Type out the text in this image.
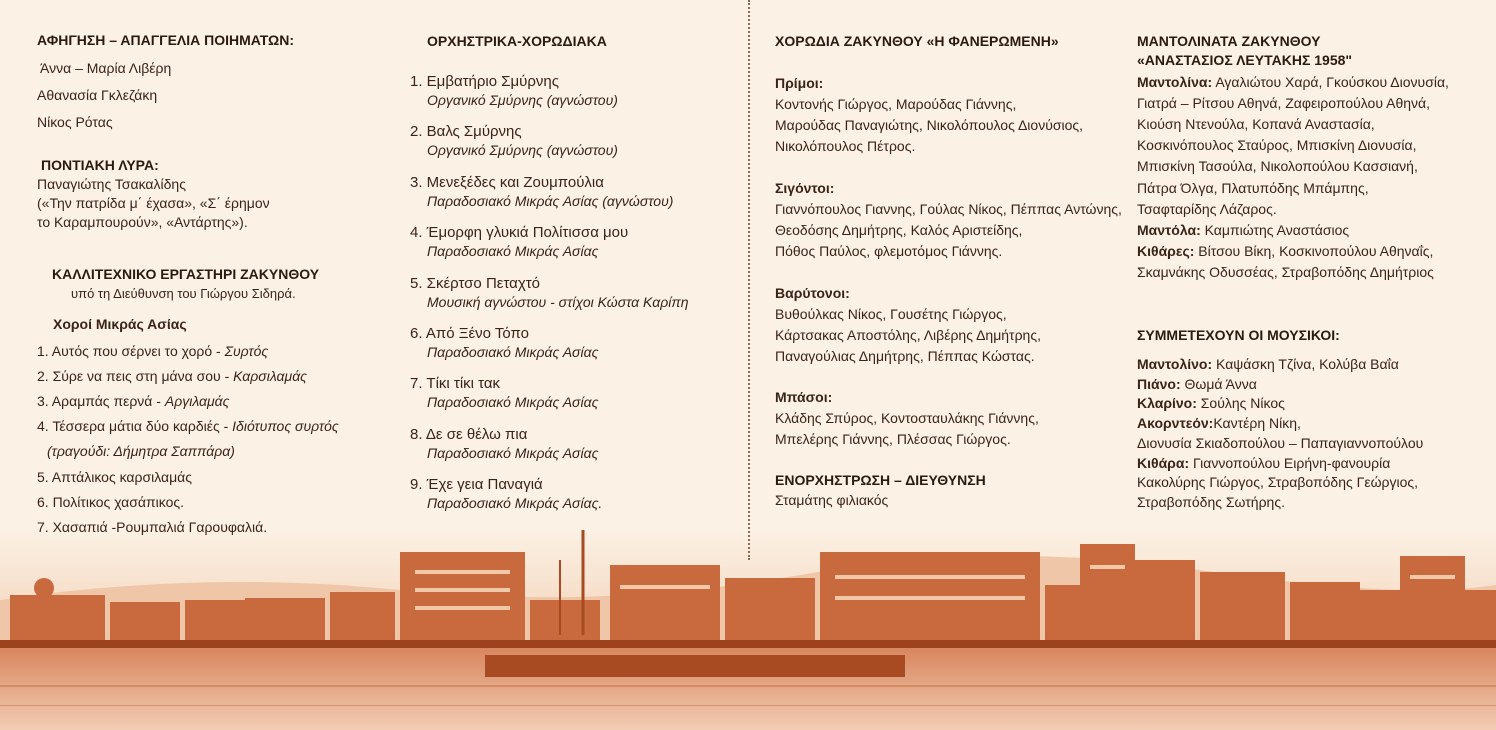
ΑΦΗΓΗΣΗ – ΑΠΑΓΓΕΛΙΑ ΠΟΙΗΜΑΤΩΝ:
Άννα – Μαρία Λιβέρη
Αθανασία Γκλεζάκη
Νίκος Ρότας
ΠΟΝΤΙΑΚΗ ΛΥΡΑ:
Παναγιώτης Τσακαλίδης
(«Την πατρίδα μ΄ έχασα», «Σ΄ έρημον
το Καραμπουρούν», «Αντάρτης»).
ΚΑΛΛΙΤΕΧΝΙΚΟ ΕΡΓΑΣΤΗΡΙ ΖΑΚΥΝΘΟΥ
υπό τη Διεύθυνση του Γιώργου Σιδηρά.
Χοροί Μικράς Ασίας
1. Αυτός που σέρνει το χορό - Συρτός
2. Σύρε να πεις στη μάνα σου - Καρσιλαμάς
3. Αραμπάς περνά - Αργιλαμάς
4. Τέσσερα μάτια δύο καρδιές - Ιδιότυπος συρτός
(τραγούδι: Δήμητρα Σαππάρα)
5. Απτάλικος καρσιλαμάς
6. Πολίτικος χασάπικος.
7. Χασαπιά -Ρουμπαλιά Γαρουφαλιά.
ΟΡΧΗΣΤΡΙΚΑ-ΧΟΡΩΔΙΑΚΑ	ΧΟΡΩΔΙΑ ΖΑΚΥΝΘΟΥ «Η ΦΑΝΕΡΩΜΕΝΗ»
ΕΝΟΡΧΗΣΤΡΩΣΗ – ΔΙΕΥΘΥΝΣΗ
Σταμάτης φιλιακός
ΜΑΝΤΟΛΙΝΑΤΑ ΖΑΚΥΝΘΟΥ
«ΑΝΑΣΤΑΣΙΟΣ ΛΕΥΤΑΚΗΣ 1958"
ΣΥΜΜΕΤΕΧΟΥΝ ΟΙ ΜΟΥΣΙΚΟΙ:
1. Εμβατήριο Σμύρνης
Οργανικό Σμύρνης (αγνώστου)
2. Βαλς Σμύρνης
Οργανικό Σμύρνης (αγνώστου)
3. Μενεξέδες και Ζουμπούλια
Παραδοσιακό Μικράς Ασίας (αγνώστου)
4. Έμορφη γλυκιά Πολίτισσα μου
Παραδοσιακό Μικράς Ασίας
5. Σκέρτσο Πεταχτό
Μουσική αγνώστου - στίχοι Κώστα Καρίπη
6. Από Ξένο Τόπο
Παραδοσιακό Μικράς Ασίας
7. Τίκι τίκι τακ
Παραδοσιακό Μικράς Ασίας
8. Δε σε θέλω πια
Παραδοσιακό Μικράς Ασίας
9. Έχε γεια Παναγιά
Παραδοσιακό Μικράς Ασίας.
Πρίμοι:
Κοντονής Γιώργος, Μαρούδας Γιάννης,
Μαρούδας Παναγιώτης, Νικολόπουλος Διονύσιος,
Νικολόπουλος Πέτρος.
Σιγόντοι:
Γιαννόπουλος Γιαννης, Γούλας Νίκος, Πέππας Αντώνης,
Θεοδόσης Δημήτρης, Καλός Αριστείδης,
Πόθος Παύλος, φλεμοτόμος Γιάννης.
Βαρύτονοι:
Βυθούλκας Νίκος, Γουσέτης Γιώργος,
Κάρτσακας Αποστόλης, Λιβέρης Δημήτρης,
Παναγούλιας Δημήτρης, Πέππας Κώστας.
Μπάσοι:
Κλάδης Σπύρος, Κοντοσταυλάκης Γιάννης,
Μπελέρης Γιάννης, Πλέσσας Γιώργος.
Μαντολίνα: Αγαλιώτου Χαρά, Γκούσκου Διονυσία,
Γιατρά – Ρίτσου Αθηνά, Ζαφειροπούλου Αθηνά,
Κιούση Ντενούλα, Κοπανά Αναστασία,
Κοσκινόπουλος Σταύρος, Μπισκίνη Διονυσία,
Μπισκίνη Τασούλα, Νικολοπούλου Κασσιανή,
Πάτρα Όλγα, Πλατυπόδης Μπάμπης,
Τσαφταρίδης Λάζαρος.
Μαντόλα: Καμπιώτης Αναστάσιος
Κιθάρες: Βίτσου Βίκη, Κοσκινοπούλου Αθηναΐς,
Σκαμνάκης Οδυσσέας, Στραβοπόδης Δημήτριος
Μαντολίνο: Καψάσκη Τζίνα, Κολύβα Βαΐα
Πιάνο: Θωμά Άννα
Κλαρίνο: Σούλης Νίκος
Ακορντεόν:Καντέρη Νίκη,
Διονυσία Σκιαδοπούλου – Παπαγιαννοπούλου
Κιθάρα: Γιαννοπούλου Ειρήνη-φανουρία
Κακολύρης Γιώργος, Στραβοπόδης Γεώργιος,
Στραβοπόδης Σωτήρης.
